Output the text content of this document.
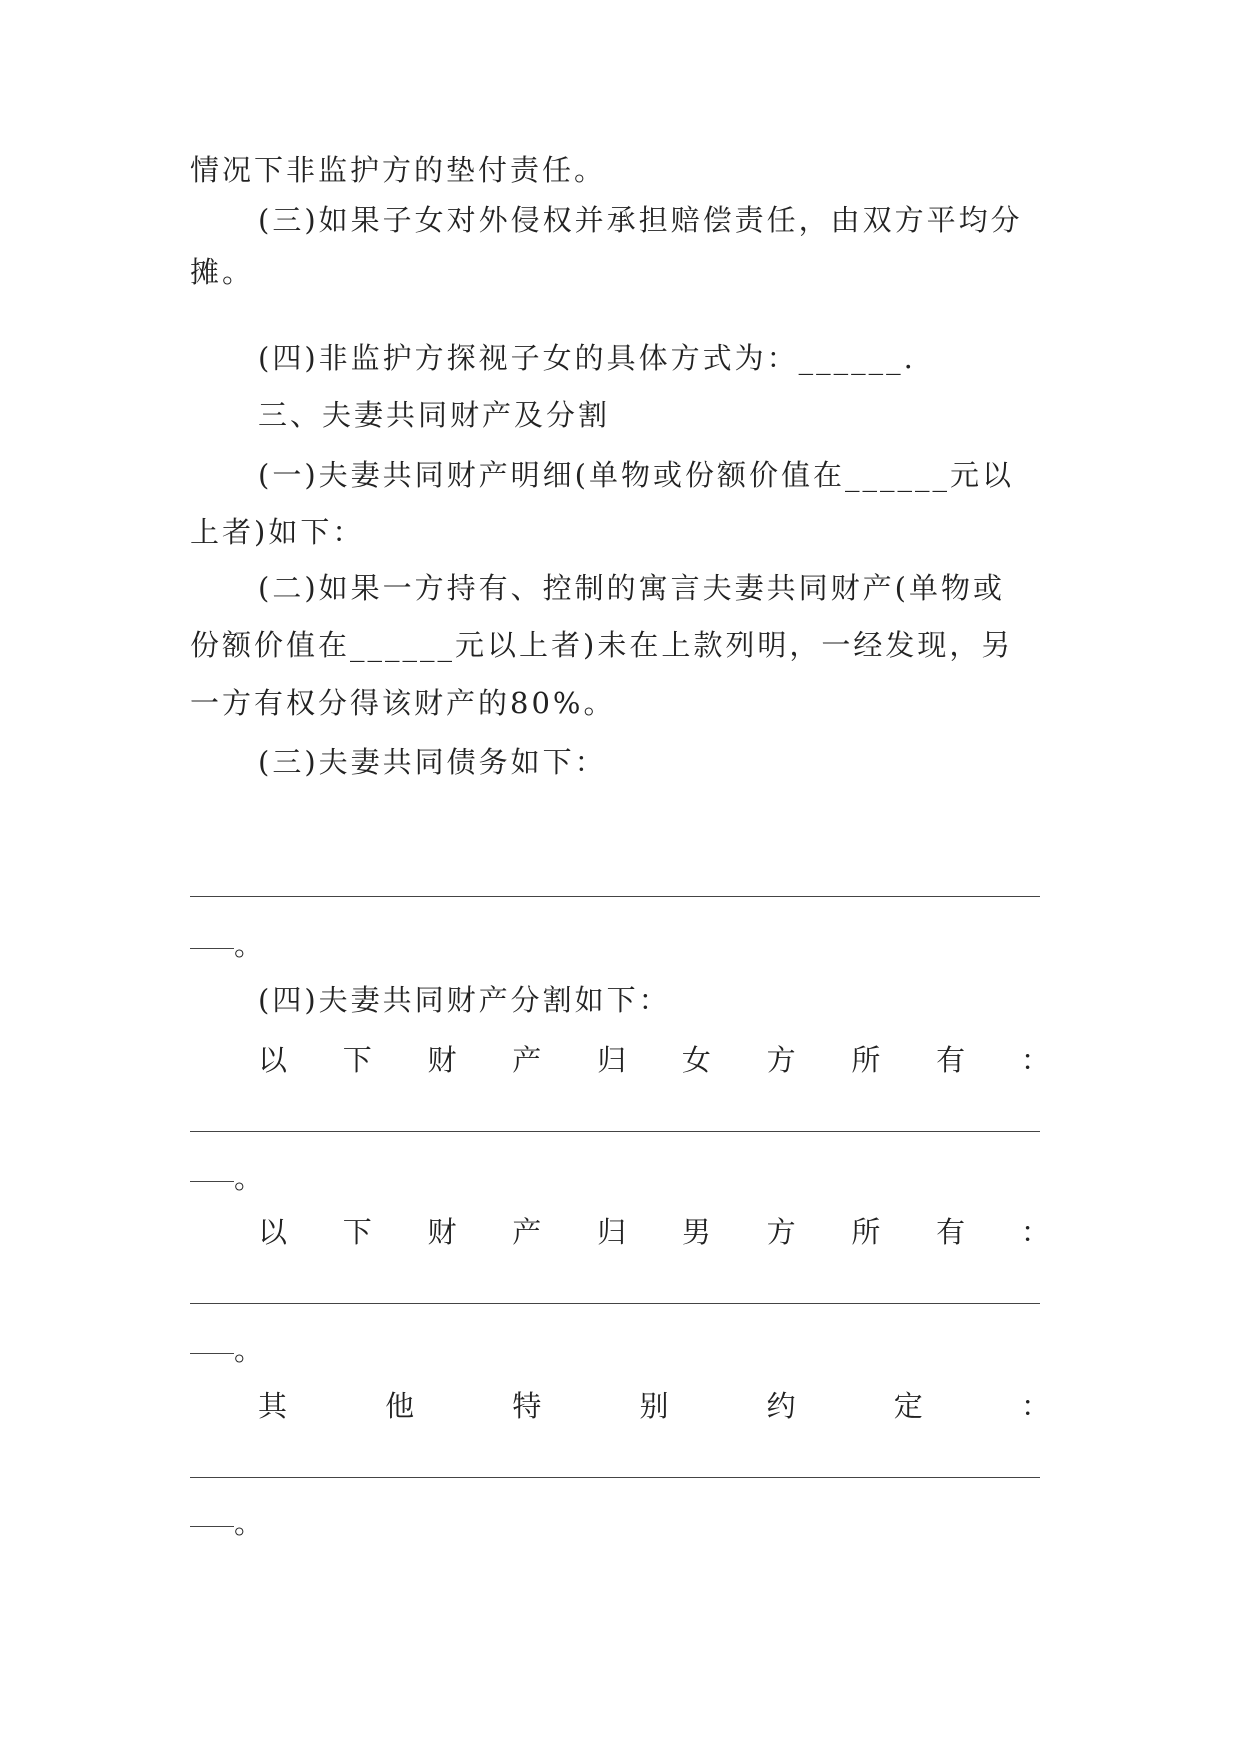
情况下非监护方的垫付责任。
(三)如果子女对外侵权并承担赔偿责任，由双方平均分
摊。
(四)非监护方探视子女的具体方式为：______.
三、夫妻共同财产及分割
(一)夫妻共同财产明细(单物或份额价值在______元以
上者)如下：
(二)如果一方持有、控制的寓言夫妻共同财产(单物或
份额价值在______元以上者)未在上款列明，一经发现，另
一方有权分得该财产的80%。
(三)夫妻共同债务如下：
。
(四)夫妻共同财产分割如下：
以 下 财 产 归 女 方 所 有 ：
。
以 下 财 产 归 男 方 所 有 ：
。
其	他	特	别	约	定	：
。
